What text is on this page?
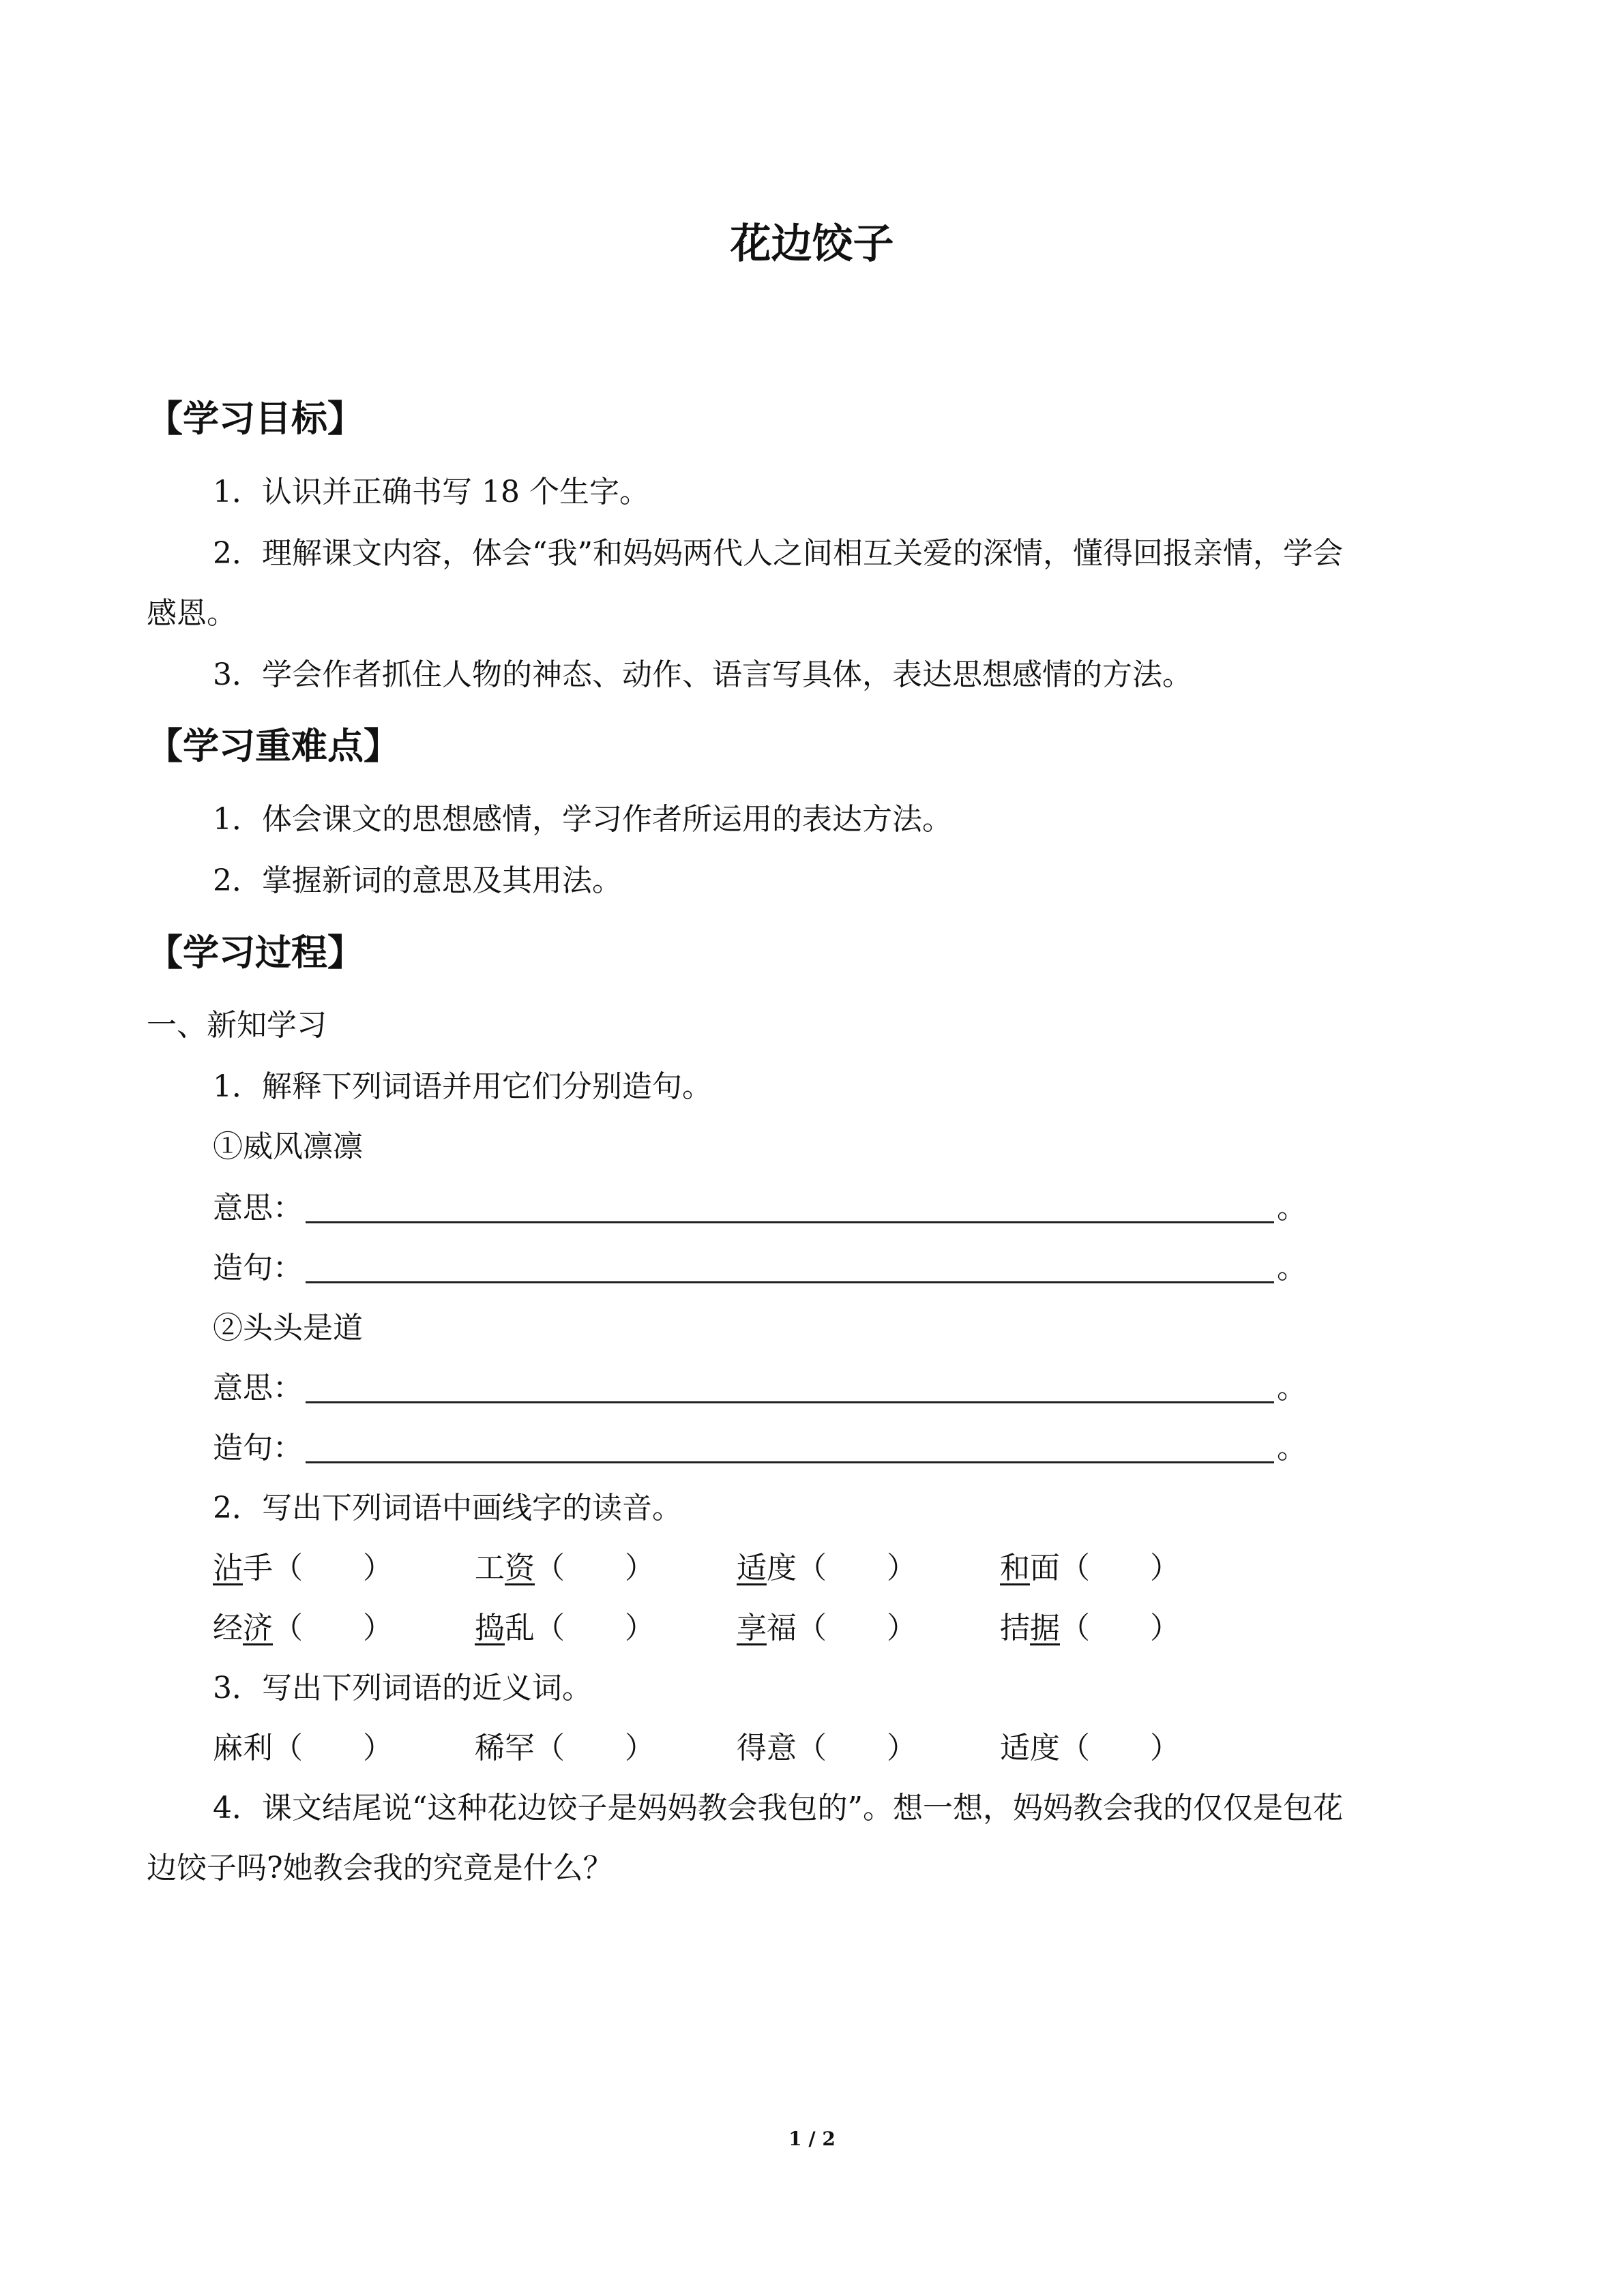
花边饺子
【学习目标】
1．认识并正确书写 18 个生字。
2．理解课文内容，体会“我”和妈妈两代人之间相互关爱的深情，懂得回报亲情，学会
感恩。
3．学会作者抓住人物的神态、动作、语言写具体，表达思想感情的方法。
【学习重难点】
1．体会课文的思想感情，学习作者所运用的表达方法。
2．掌握新词的意思及其用法。
【学习过程】
一、新知学习
1．解释下列词语并用它们分别造句。
①威风凛凛
意思：	。
造句：	。
②头头是道
意思：	。
造句：	。
2．写出下列词语中画线字的读音。
沾手（　　）	工资（　　）	适度（　　）	和面（　　）
经济（　　）	捣乱（　　）	享福（　　）	拮据（　　）
3．写出下列词语的近义词。
麻利（　　）	稀罕（　　）	得意（　　）	适度（　　）
4．课文结尾说“这种花边饺子是妈妈教会我包的”。想一想，妈妈教会我的仅仅是包花
边饺子吗?她教会我的究竟是什么？
1 / 2
